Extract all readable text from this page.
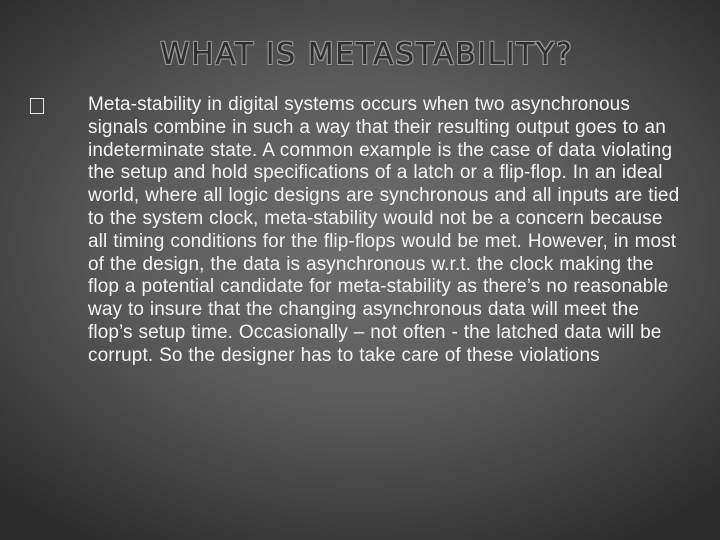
WHAT IS METASTABILITY?
Meta-stability in digital systems occurs when two asynchronous signals combine in such a way that their resulting output goes to an indeterminate state. A common example is the case of data violating the setup and hold specifications of a latch or a flip-flop. In an ideal world, where all logic designs are synchronous and all inputs are tied to the system clock, meta-stability would not be a concern because all timing conditions for the flip-flops would be met. However, in most of the design, the data is asynchronous w.r.t. the clock making the flop a potential candidate for meta-stability as there’s no reasonable way to insure that the changing asynchronous data will meet the flop’s setup time. Occasionally – not often - the latched data will be corrupt. So the designer has to take care of these violations
